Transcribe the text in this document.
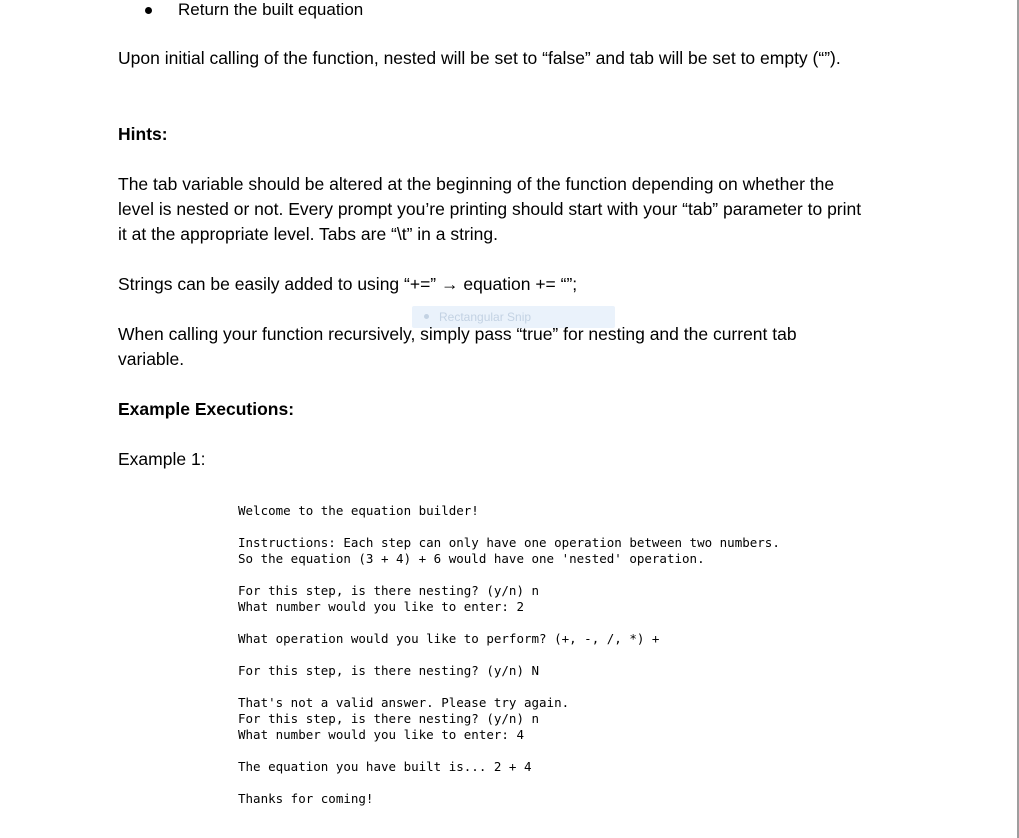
Return the built equation

Upon initial calling of the function, nested will be set to “false” and tab will be set to empty (“”).

Hints:

The tab variable should be altered at the beginning of the function depending on whether the
level is nested or not. Every prompt you’re printing should start with your “tab” parameter to print
it at the appropriate level. Tabs are “\t” in a string.

Strings can be easily added to using “+=” → equation += “”;

Rectangular Snip
When calling your function recursively, simply pass “true” for nesting and the current tab
variable.

Example Executions:

Example 1:

Welcome to the equation builder!
Instructions: Each step can only have one operation between two numbers.
So the equation (3 + 4) + 6 would have one 'nested' operation.
For this step, is there nesting? (y/n) n
What number would you like to enter: 2
What operation would you like to perform? (+, -, /, *) +
For this step, is there nesting? (y/n) N
That's not a valid answer. Please try again.
For this step, is there nesting? (y/n) n
What number would you like to enter: 4
The equation you have built is... 2 + 4
Thanks for coming!
